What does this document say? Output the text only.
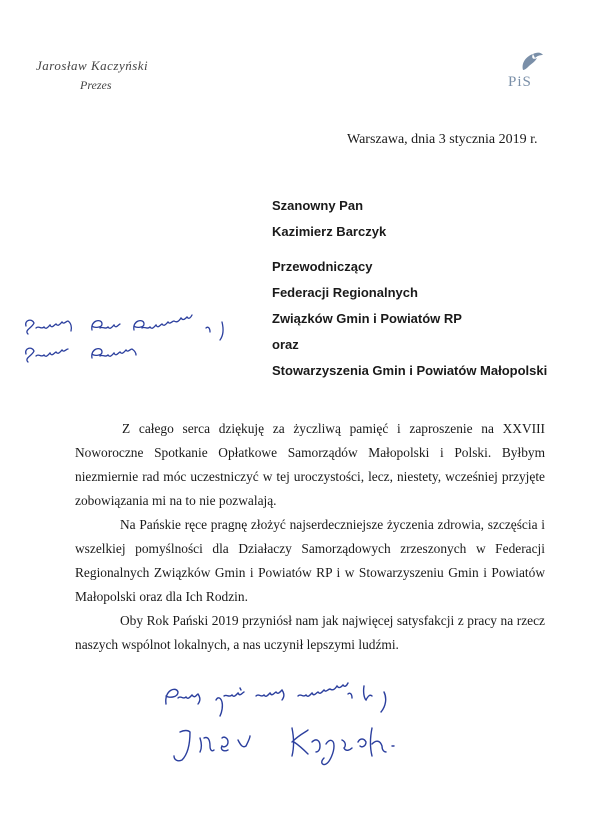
Jarosław Kaczyński
Prezes	PiS
Warszawa, dnia 3 stycznia 2019 r.
Szanowny Pan
Kazimierz Barczyk
Przewodniczący
Federacji Regionalnych
Związków Gmin i Powiatów RP
oraz
Stowarzyszenia Gmin i Powiatów Małopolski
Z całego serca dziękuję za życzliwą pamięć i zaproszenie na XXVIII Noworoczne Spotkanie Opłatkowe Samorządów Małopolski i Polski. Byłbym niezmiernie rad móc uczestniczyć w tej uroczystości, lecz, niestety, wcześniej przyjęte zobowiązania mi na to nie pozwalają.
Na Pańskie ręce pragnę złożyć najserdeczniejsze życzenia zdrowia, szczęścia i wszelkiej pomyślności dla Działaczy Samorządowych zrzeszonych w Federacji Regionalnych Związków Gmin i Powiatów RP i w Stowarzyszeniu Gmin i Powiatów Małopolski oraz dla Ich Rodzin.
Oby Rok Pański 2019 przyniósł nam jak najwięcej satysfakcji z pracy na rzecz naszych wspólnot lokalnych, a nas uczynił lepszymi ludźmi.
